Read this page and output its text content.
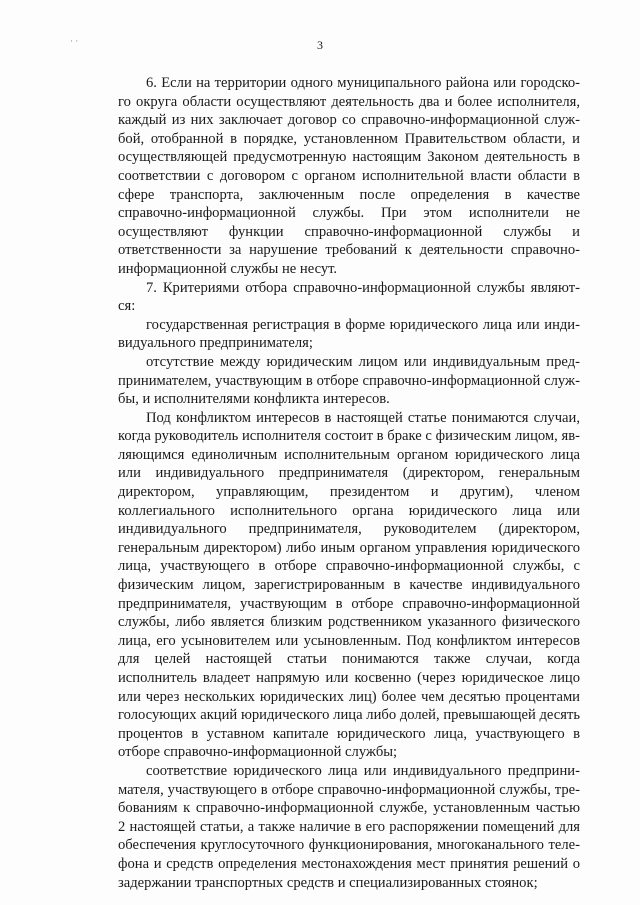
· ·	3

6. Если на территории одного муниципального района или городского округа области осуществляют деятельность два и более исполнителя, каждый из них заключает договор со справочно-информационной службой, отобранной в порядке, установленном Правительством области, и осуществляющей предусмотренную настоящим Законом деятельность в соответствии с договором с органом исполнительной власти области в сфере транспорта, заключенным после определения в качестве справочно-информационной службы. При этом исполнители не осуществляют функции справочно-информационной службы и ответственности за нарушение требований к деятельности справочно-информационной службы не несут.

7. Критериями отбора справочно-информационной службы являются:

государственная регистрация в форме юридического лица или индивидуального предпринимателя;

отсутствие между юридическим лицом или индивидуальным предпринимателем, участвующим в отборе справочно-информационной службы, и исполнителями конфликта интересов.

Под конфликтом интересов в настоящей статье понимаются случаи, когда руководитель исполнителя состоит в браке с физическим лицом, являющимся единоличным исполнительным органом юридического лица или индивидуального предпринимателя (директором, генеральным директором, управляющим, президентом и другим), членом коллегиального исполнительного органа юридического лица или индивидуального предпринимателя, руководителем (директором, генеральным директором) либо иным органом управления юридического лица, участвующего в отборе справочно-информационной службы, с физическим лицом, зарегистрированным в качестве индивидуального предпринимателя, участвующим в отборе справочно-информационной службы, либо является близким родственником указанного физического лица, его усыновителем или усыновленным. Под конфликтом интересов для целей настоящей статьи понимаются также случаи, когда исполнитель владеет напрямую или косвенно (через юридическое лицо или через нескольких юридических лиц) более чем десятью процентами голосующих акций юридического лица либо долей, превышающей десять процентов в уставном капитале юридического лица, участвующего в отборе справочно-информационной службы;

соответствие юридического лица или индивидуального предпринимателя, участвующего в отборе справочно-информационной службы, требованиям к справочно-информационной службе, установленным частью 2 настоящей статьи, а также наличие в его распоряжении помещений для обеспечения круглосуточного функционирования, многоканального телефона и средств определения местонахождения мест принятия решений о задержании транспортных средств и специализированных стоянок;
